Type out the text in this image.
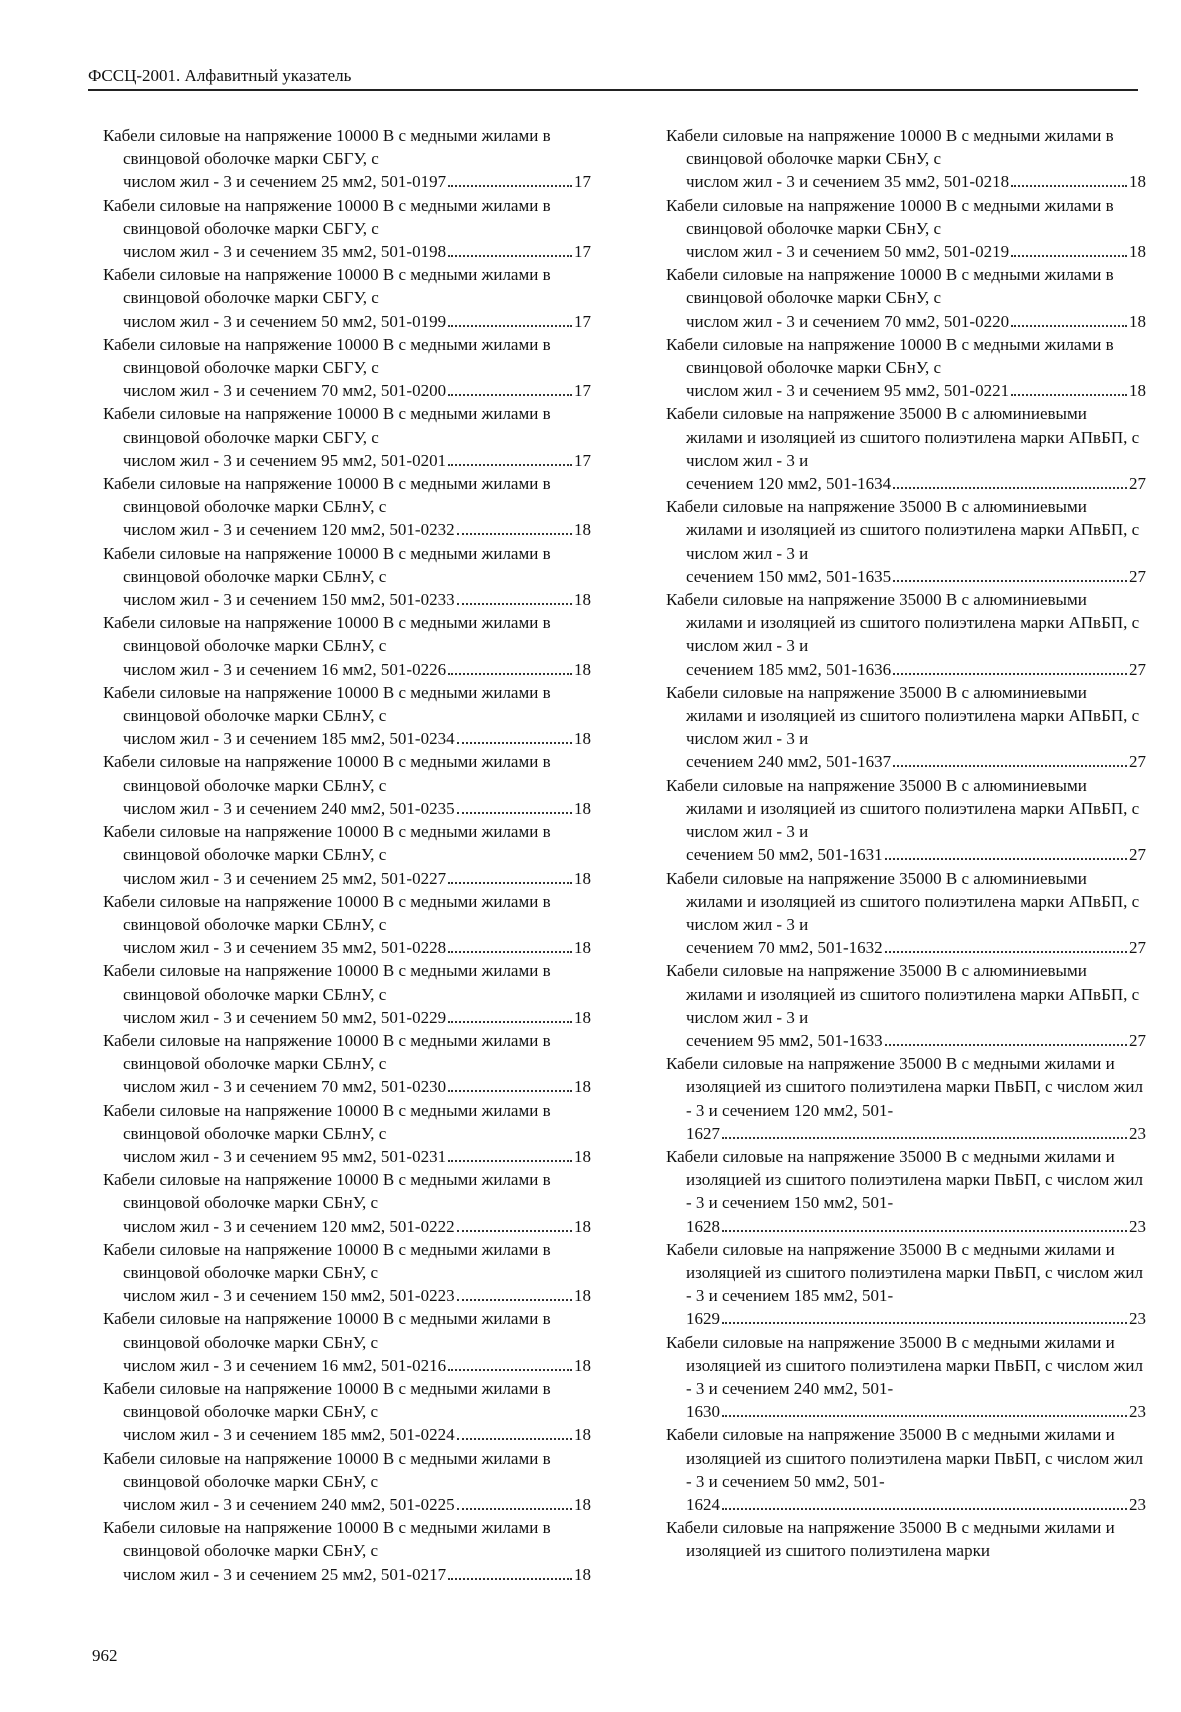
ФССЦ-2001. Алфавитный указатель
Кабели силовые на напряжение 10000 В с медными жилами в свинцовой оболочке марки СБГУ, с
числом жил - 3 и сечением 25 мм2, 501-0197	17
Кабели силовые на напряжение 10000 В с медными жилами в свинцовой оболочке марки СБГУ, с
числом жил - 3 и сечением 35 мм2, 501-0198	17
Кабели силовые на напряжение 10000 В с медными жилами в свинцовой оболочке марки СБГУ, с
числом жил - 3 и сечением 50 мм2, 501-0199	17
Кабели силовые на напряжение 10000 В с медными жилами в свинцовой оболочке марки СБГУ, с
числом жил - 3 и сечением 70 мм2, 501-0200	17
Кабели силовые на напряжение 10000 В с медными жилами в свинцовой оболочке марки СБГУ, с
числом жил - 3 и сечением 95 мм2, 501-0201	17
Кабели силовые на напряжение 10000 В с медными жилами в свинцовой оболочке марки СБлнУ, с
числом жил - 3 и сечением 120 мм2, 501-0232	18
Кабели силовые на напряжение 10000 В с медными жилами в свинцовой оболочке марки СБлнУ, с
числом жил - 3 и сечением 150 мм2, 501-0233	18
Кабели силовые на напряжение 10000 В с медными жилами в свинцовой оболочке марки СБлнУ, с
числом жил - 3 и сечением 16 мм2, 501-0226	18
Кабели силовые на напряжение 10000 В с медными жилами в свинцовой оболочке марки СБлнУ, с
числом жил - 3 и сечением 185 мм2, 501-0234	18
Кабели силовые на напряжение 10000 В с медными жилами в свинцовой оболочке марки СБлнУ, с
числом жил - 3 и сечением 240 мм2, 501-0235	18
Кабели силовые на напряжение 10000 В с медными жилами в свинцовой оболочке марки СБлнУ, с
числом жил - 3 и сечением 25 мм2, 501-0227	18
Кабели силовые на напряжение 10000 В с медными жилами в свинцовой оболочке марки СБлнУ, с
числом жил - 3 и сечением 35 мм2, 501-0228	18
Кабели силовые на напряжение 10000 В с медными жилами в свинцовой оболочке марки СБлнУ, с
числом жил - 3 и сечением 50 мм2, 501-0229	18
Кабели силовые на напряжение 10000 В с медными жилами в свинцовой оболочке марки СБлнУ, с
числом жил - 3 и сечением 70 мм2, 501-0230	18
Кабели силовые на напряжение 10000 В с медными жилами в свинцовой оболочке марки СБлнУ, с
числом жил - 3 и сечением 95 мм2, 501-0231	18
Кабели силовые на напряжение 10000 В с медными жилами в свинцовой оболочке марки СБнУ, с
числом жил - 3 и сечением 120 мм2, 501-0222	18
Кабели силовые на напряжение 10000 В с медными жилами в свинцовой оболочке марки СБнУ, с
числом жил - 3 и сечением 150 мм2, 501-0223	18
Кабели силовые на напряжение 10000 В с медными жилами в свинцовой оболочке марки СБнУ, с
числом жил - 3 и сечением 16 мм2, 501-0216	18
Кабели силовые на напряжение 10000 В с медными жилами в свинцовой оболочке марки СБнУ, с
числом жил - 3 и сечением 185 мм2, 501-0224	18
Кабели силовые на напряжение 10000 В с медными жилами в свинцовой оболочке марки СБнУ, с
числом жил - 3 и сечением 240 мм2, 501-0225	18
Кабели силовые на напряжение 10000 В с медными жилами в свинцовой оболочке марки СБнУ, с
числом жил - 3 и сечением 25 мм2, 501-0217	18
Кабели силовые на напряжение 10000 В с медными жилами в свинцовой оболочке марки СБнУ, с
числом жил - 3 и сечением 35 мм2, 501-0218	18
Кабели силовые на напряжение 10000 В с медными жилами в свинцовой оболочке марки СБнУ, с
числом жил - 3 и сечением 50 мм2, 501-0219	18
Кабели силовые на напряжение 10000 В с медными жилами в свинцовой оболочке марки СБнУ, с
числом жил - 3 и сечением 70 мм2, 501-0220	18
Кабели силовые на напряжение 10000 В с медными жилами в свинцовой оболочке марки СБнУ, с
числом жил - 3 и сечением 95 мм2, 501-0221	18
Кабели силовые на напряжение 35000 В с алюминиевыми жилами и изоляцией из сшитого полиэтилена марки АПвБП, с числом жил - 3 и
сечением 120 мм2, 501-1634	27
Кабели силовые на напряжение 35000 В с алюминиевыми жилами и изоляцией из сшитого полиэтилена марки АПвБП, с числом жил - 3 и
сечением 150 мм2, 501-1635	27
Кабели силовые на напряжение 35000 В с алюминиевыми жилами и изоляцией из сшитого полиэтилена марки АПвБП, с числом жил - 3 и
сечением 185 мм2, 501-1636	27
Кабели силовые на напряжение 35000 В с алюминиевыми жилами и изоляцией из сшитого полиэтилена марки АПвБП, с числом жил - 3 и
сечением 240 мм2, 501-1637	27
Кабели силовые на напряжение 35000 В с алюминиевыми жилами и изоляцией из сшитого полиэтилена марки АПвБП, с числом жил - 3 и
сечением 50 мм2, 501-1631	27
Кабели силовые на напряжение 35000 В с алюминиевыми жилами и изоляцией из сшитого полиэтилена марки АПвБП, с числом жил - 3 и
сечением 70 мм2, 501-1632	27
Кабели силовые на напряжение 35000 В с алюминиевыми жилами и изоляцией из сшитого полиэтилена марки АПвБП, с числом жил - 3 и
сечением 95 мм2, 501-1633	27
Кабели силовые на напряжение 35000 В с медными жилами и изоляцией из сшитого полиэтилена марки ПвБП, с числом жил - 3 и сечением 120 мм2, 501-
1627	23
Кабели силовые на напряжение 35000 В с медными жилами и изоляцией из сшитого полиэтилена марки ПвБП, с числом жил - 3 и сечением 150 мм2, 501-
1628	23
Кабели силовые на напряжение 35000 В с медными жилами и изоляцией из сшитого полиэтилена марки ПвБП, с числом жил - 3 и сечением 185 мм2, 501-
1629	23
Кабели силовые на напряжение 35000 В с медными жилами и изоляцией из сшитого полиэтилена марки ПвБП, с числом жил - 3 и сечением 240 мм2, 501-
1630	23
Кабели силовые на напряжение 35000 В с медными жилами и изоляцией из сшитого полиэтилена марки ПвБП, с числом жил - 3 и сечением 50 мм2, 501-
1624	23
Кабели силовые на напряжение 35000 В с медными жилами и изоляцией из сшитого полиэтилена марки
962
